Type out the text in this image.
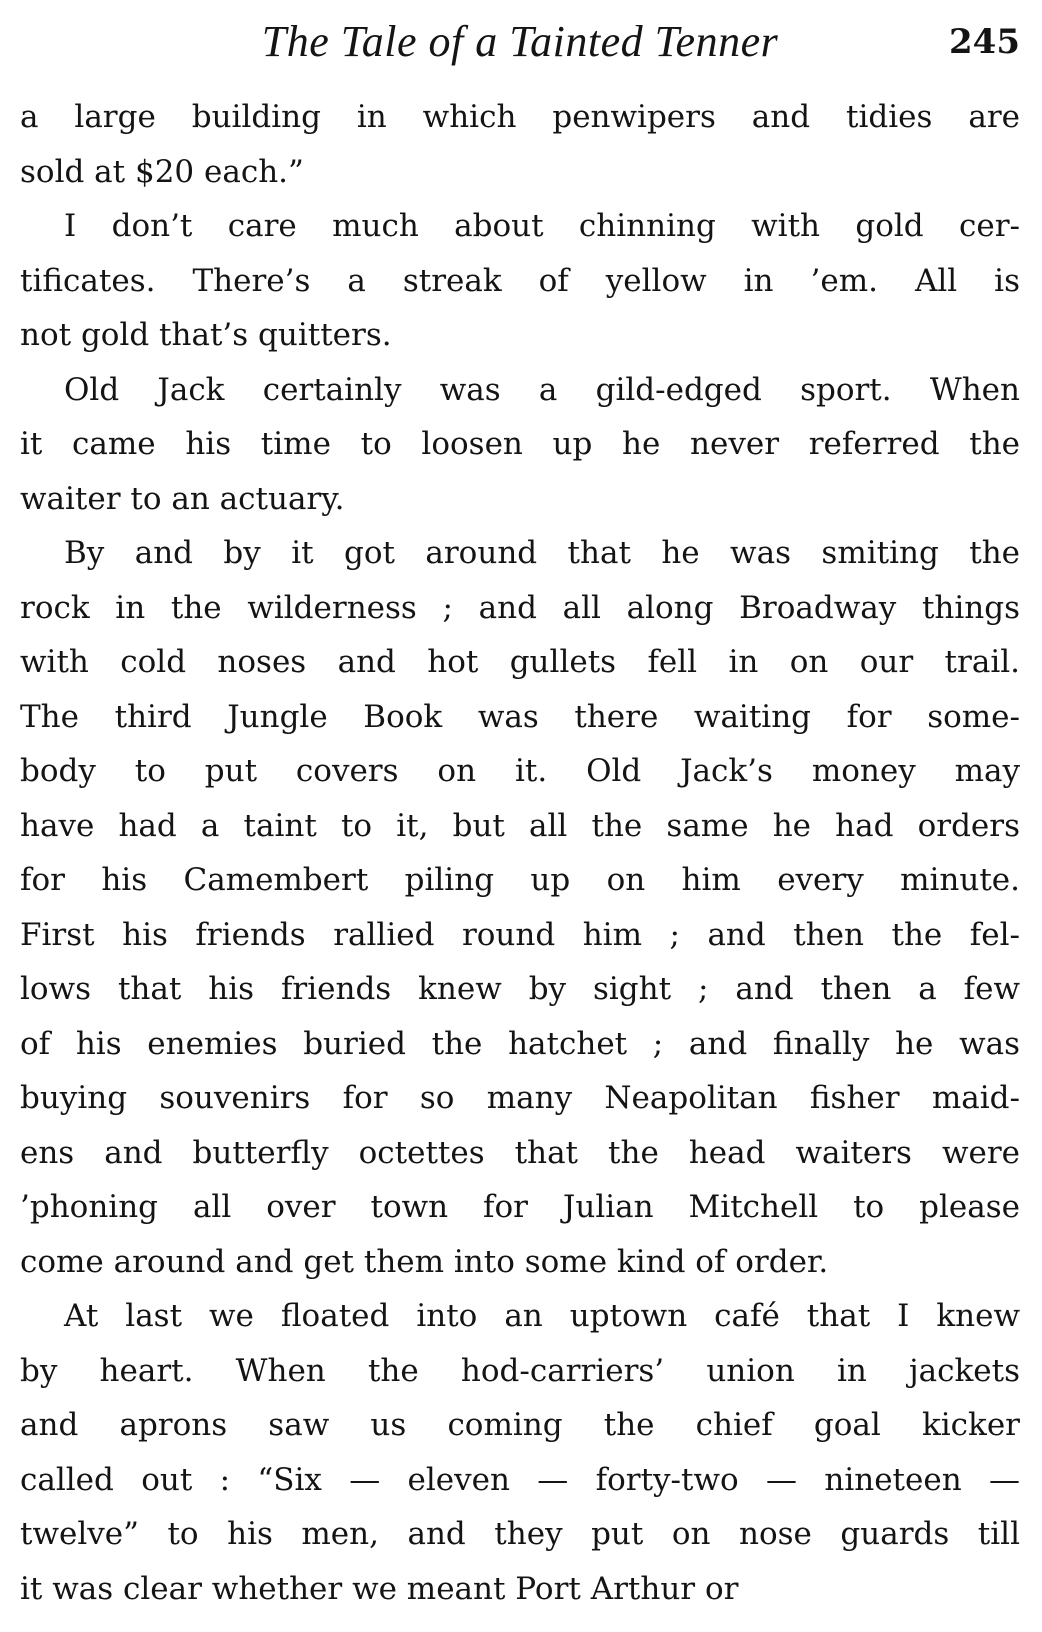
The Tale of a Tainted Tenner	245
a large building in which penwipers and tidies are
sold at $20 each.”
I don’t care much about chinning with gold cer-
tificates. There’s a streak of yellow in ’em. All is
not gold that’s quitters.
Old Jack certainly was a gild-edged sport. When
it came his time to loosen up he never referred the
waiter to an actuary.
By and by it got around that he was smiting the
rock in the wilderness ; and all along Broadway things
with cold noses and hot gullets fell in on our trail.
The third Jungle Book was there waiting for some-
body to put covers on it. Old Jack’s money may
have had a taint to it, but all the same he had orders
for his Camembert piling up on him every minute.
First his friends rallied round him ; and then the fel-
lows that his friends knew by sight ; and then a few
of his enemies buried the hatchet ; and finally he was
buying souvenirs for so many Neapolitan fisher maid-
ens and butterfly octettes that the head waiters were
’phoning all over town for Julian Mitchell to please
come around and get them into some kind of order.
At last we floated into an uptown café that I knew
by heart. When the hod-carriers’ union in jackets
and aprons saw us coming the chief goal kicker
called out : “Six — eleven — forty-two — nineteen —
twelve” to his men, and they put on nose guards till
it was clear whether we meant Port Arthur or
